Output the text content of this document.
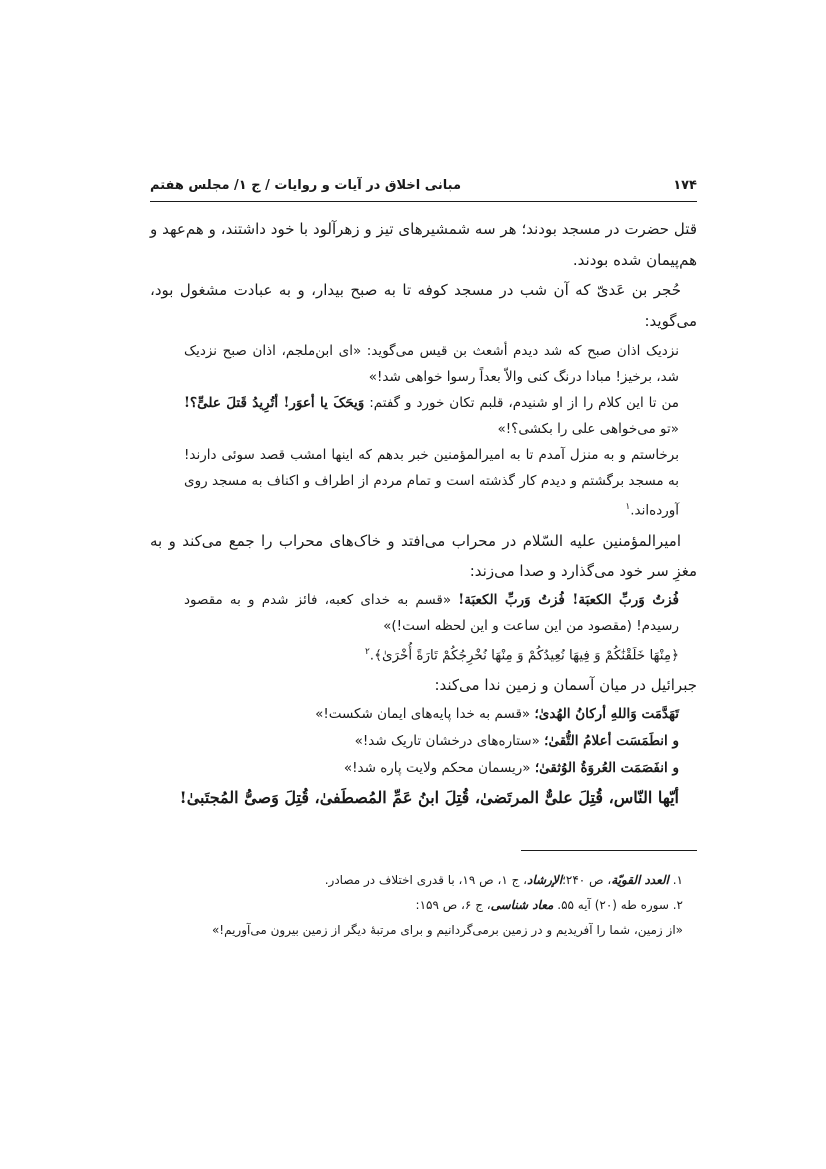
۱۷۴
مبانی اخلاق در آیات و روایات / ج ۱/ مجلس هفتم

قتل حضرت در مسجد بودند؛ هر سه شمشیرهای تیز و زهرآلود با خود داشتند، و هم‌عهد و هم‌پیمان شده بودند.

حُجر بن عَدیّ که آن شب در مسجد کوفه تا به صبح بیدار، و به عبادت مشغول بود، می‌گوید:

نزدیک اذان صبح که شد دیدم أشعث بن قیس می‌گوید: «ای ابن‌ملجم، اذان صبح نزدیک شد، برخیز! مبادا درنگ کنی والاّ بعداً رسوا خواهی شد!»

من تا این کلام را از او شنیدم، قلبم تکان خورد و گفتم: وَیحَکَ یا أعوَر! أتُرِیدُ قَتلَ علیٍّ؟! «تو می‌خواهی علی را بکشی؟!»

برخاستم و به منزل آمدم تا به امیرالمؤمنین خبر بدهم که اینها امشب قصد سوئی دارند! به مسجد برگشتم و دیدم کار گذشته است و تمام مردم از اطراف و اکناف به مسجد روی آورده‌اند.$^۱$

امیرالمؤمنین علیه السّلام در محراب می‌افتد و خاک‌های محراب را جمع می‌کند و به مغزِ سر خود می‌گذارد و صدا می‌زند:

فُزتُ وَربِّ الکعبَة! فُزتُ وَربِّ الکعبَة! «قسم به خدای کعبه، فائز شدم و به مقصود رسیدم! (مقصود من این ساعت و این لحظه است!)»

﴿مِنْهَا خَلَقْنَٰكُمْ وَ فِيهَا نُعِيدُكُمْ وَ مِنْهَا نُخْرِجُكُمْ تَارَةً أُخْرَىٰ﴾.$^۲$

جبرائیل در میان آسمان و زمین ندا می‌کند:

تَهَدَّمَت وَاللهِ أرکانُ الهُدیٰ؛ «قسم به خدا پایه‌های ایمان شکست!»

و انطَمَسَت أعلامُ التُّقیٰ؛ «ستاره‌های درخشان تاریک شد!»

و انفَصَمَت العُروَةُ الوُثقیٰ؛ «ریسمان محکم ولایت پاره شد!»

أيّها النّاس، قُتِلَ علیٌّ المرتَضیٰ، قُتِلَ ابنُ عَمِّ المُصطَفیٰ، قُتِلَ وَصیُّ المُجتَبیٰ!

۱. العدد القویّة، ص ۲۴۰؛الإرشاد، ج ۱، ص ۱۹، با قدری اختلاف در مصادر.

۲. سوره طه (۲۰) آیه ۵۵. معاد شناسی، ج ۶، ص ۱۵۹:

«از زمین، شما را آفریدیم و در زمین برمی‌گردانیم و برای مرتبهٔ دیگر از زمین بیرون می‌آوریم!»
